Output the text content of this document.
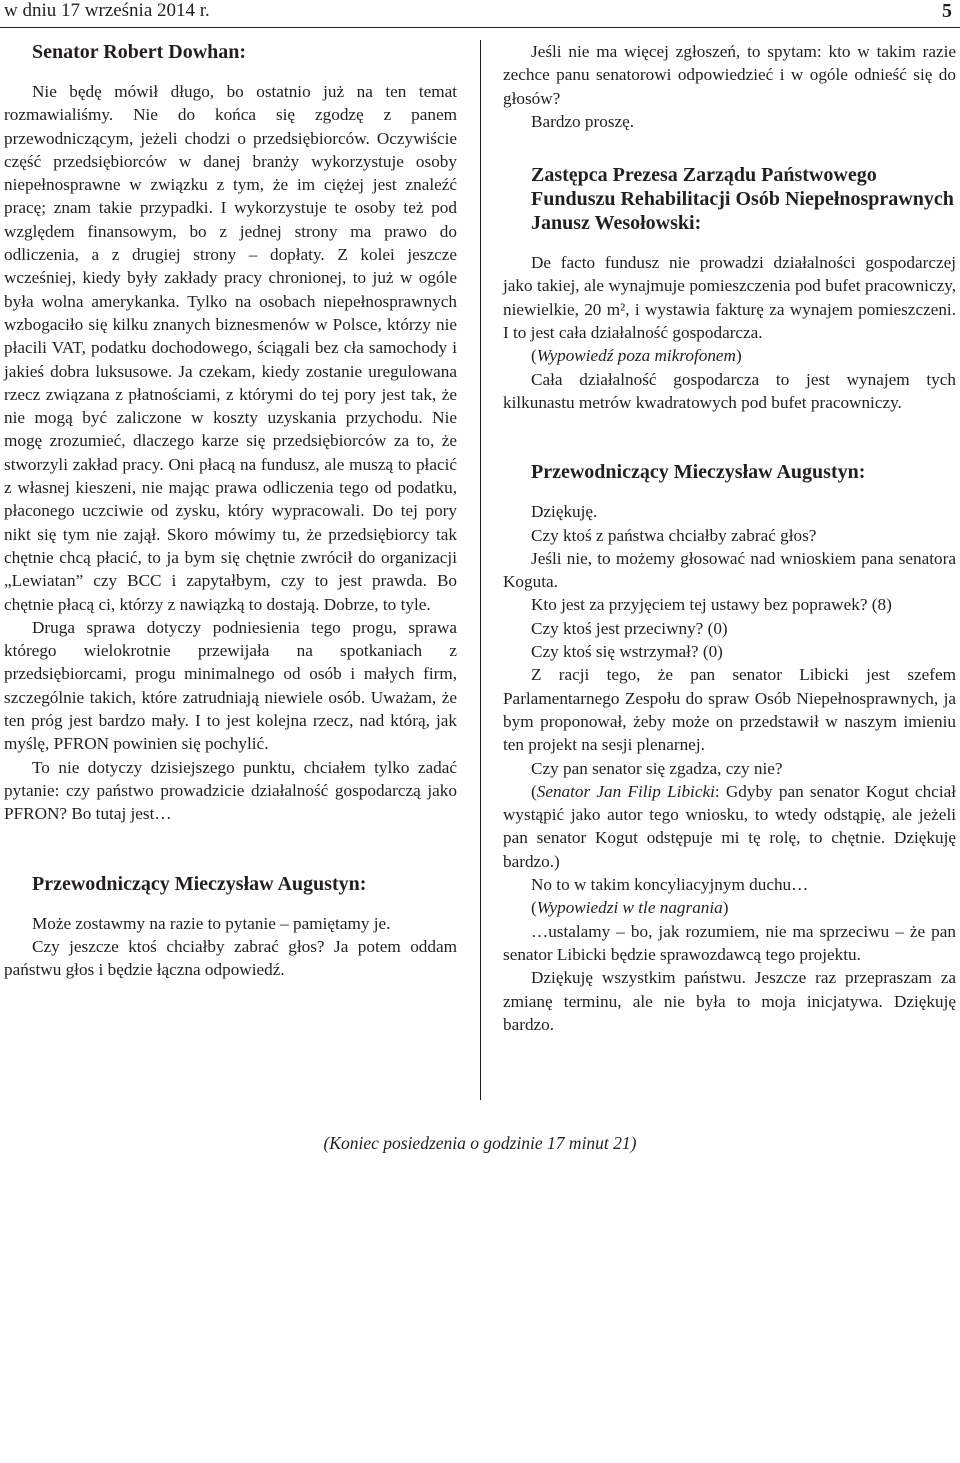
w dniu 17 września 2014 r.	5
Senator Robert Dowhan:

Nie będę mówił długo, bo ostatnio już na ten temat rozmawialiśmy. Nie do końca się zgodzę z panem przewodniczącym, jeżeli chodzi o przedsiębiorców. Oczywiście część przedsiębiorców w danej branży wykorzystuje osoby niepełnosprawne w związku z tym, że im ciężej jest znaleźć pracę; znam takie przypadki. I wykorzystuje te osoby też pod względem finansowym, bo z jednej strony ma prawo do odliczenia, a z drugiej strony – dopłaty. Z kolei jeszcze wcześniej, kiedy były zakłady pracy chronionej, to już w ogóle była wolna amerykanka. Tylko na osobach niepełnosprawnych wzbogaciło się kilku znanych biznesmenów w Polsce, którzy nie płacili VAT, podatku dochodowego, ściągali bez cła samochody i jakieś dobra luksusowe. Ja czekam, kiedy zostanie uregulowana rzecz związana z płatnościami, z którymi do tej pory jest tak, że nie mogą być zaliczone w koszty uzyskania przychodu. Nie mogę zrozumieć, dlaczego karze się przedsiębiorców za to, że stworzyli zakład pracy. Oni płacą na fundusz, ale muszą to płacić z własnej kieszeni, nie mając prawa odliczenia tego od podatku, płaconego uczciwie od zysku, który wypracowali. Do tej pory nikt się tym nie zajął. Skoro mówimy tu, że przedsiębiorcy tak chętnie chcą płacić, to ja bym się chętnie zwrócił do organizacji „Lewiatan” czy BCC i zapytałbym, czy to jest prawda. Bo chętnie płacą ci, którzy z nawiązką to dostają. Dobrze, to tyle.

Druga sprawa dotyczy podniesienia tego progu, sprawa którego wielokrotnie przewijała na spotkaniach z przedsiębiorcami, progu minimalnego od osób i małych firm, szczególnie takich, które zatrudniają niewiele osób. Uważam, że ten próg jest bardzo mały. I to jest kolejna rzecz, nad którą, jak myślę, PFRON powinien się pochylić.

To nie dotyczy dzisiejszego punktu, chciałem tylko zadać pytanie: czy państwo prowadzicie działalność gospodarczą jako PFRON? Bo tutaj jest…

Przewodniczący Mieczysław Augustyn:

Może zostawmy na razie to pytanie – pamiętamy je.

Czy jeszcze ktoś chciałby zabrać głos? Ja potem oddam państwu głos i będzie łączna odpowiedź.

Jeśli nie ma więcej zgłoszeń, to spytam: kto w takim razie zechce panu senatorowi odpowiedzieć i w ogóle odnieść się do głosów?

Bardzo proszę.

Zastępca Prezesa Zarządu Państwowego Funduszu Rehabilitacji Osób Niepełnosprawnych Janusz Wesołowski:

De facto fundusz nie prowadzi działalności gospodarczej jako takiej, ale wynajmuje pomieszczenia pod bufet pracowniczy, niewielkie, 20 m², i wystawia fakturę za wynajem pomieszczeni. I to jest cała działalność gospodarcza.

(Wypowiedź poza mikrofonem)

Cała działalność gospodarcza to jest wynajem tych kilkunastu metrów kwadratowych pod bufet pracowniczy.

Przewodniczący Mieczysław Augustyn:

Dziękuję.

Czy ktoś z państwa chciałby zabrać głos?

Jeśli nie, to możemy głosować nad wnioskiem pana senatora Koguta.

Kto jest za przyjęciem tej ustawy bez poprawek? (8)

Czy ktoś jest przeciwny? (0)

Czy ktoś się wstrzymał? (0)

Z racji tego, że pan senator Libicki jest szefem Parlamentarnego Zespołu do spraw Osób Niepełnosprawnych, ja bym proponował, żeby może on przedstawił w naszym imieniu ten projekt na sesji plenarnej.

Czy pan senator się zgadza, czy nie?

(Senator Jan Filip Libicki: Gdyby pan senator Kogut chciał wystąpić jako autor tego wniosku, to wtedy odstąpię, ale jeżeli pan senator Kogut odstępuje mi tę rolę, to chętnie. Dziękuję bardzo.)

No to w takim koncyliacyjnym duchu…

(Wypowiedzi w tle nagrania)

…ustalamy – bo, jak rozumiem, nie ma sprzeciwu – że pan senator Libicki będzie sprawozdawcą tego projektu.

Dziękuję wszystkim państwu. Jeszcze raz przepraszam za zmianę terminu, ale nie była to moja inicjatywa. Dziękuję bardzo.

(Koniec posiedzenia o godzinie 17 minut 21)
